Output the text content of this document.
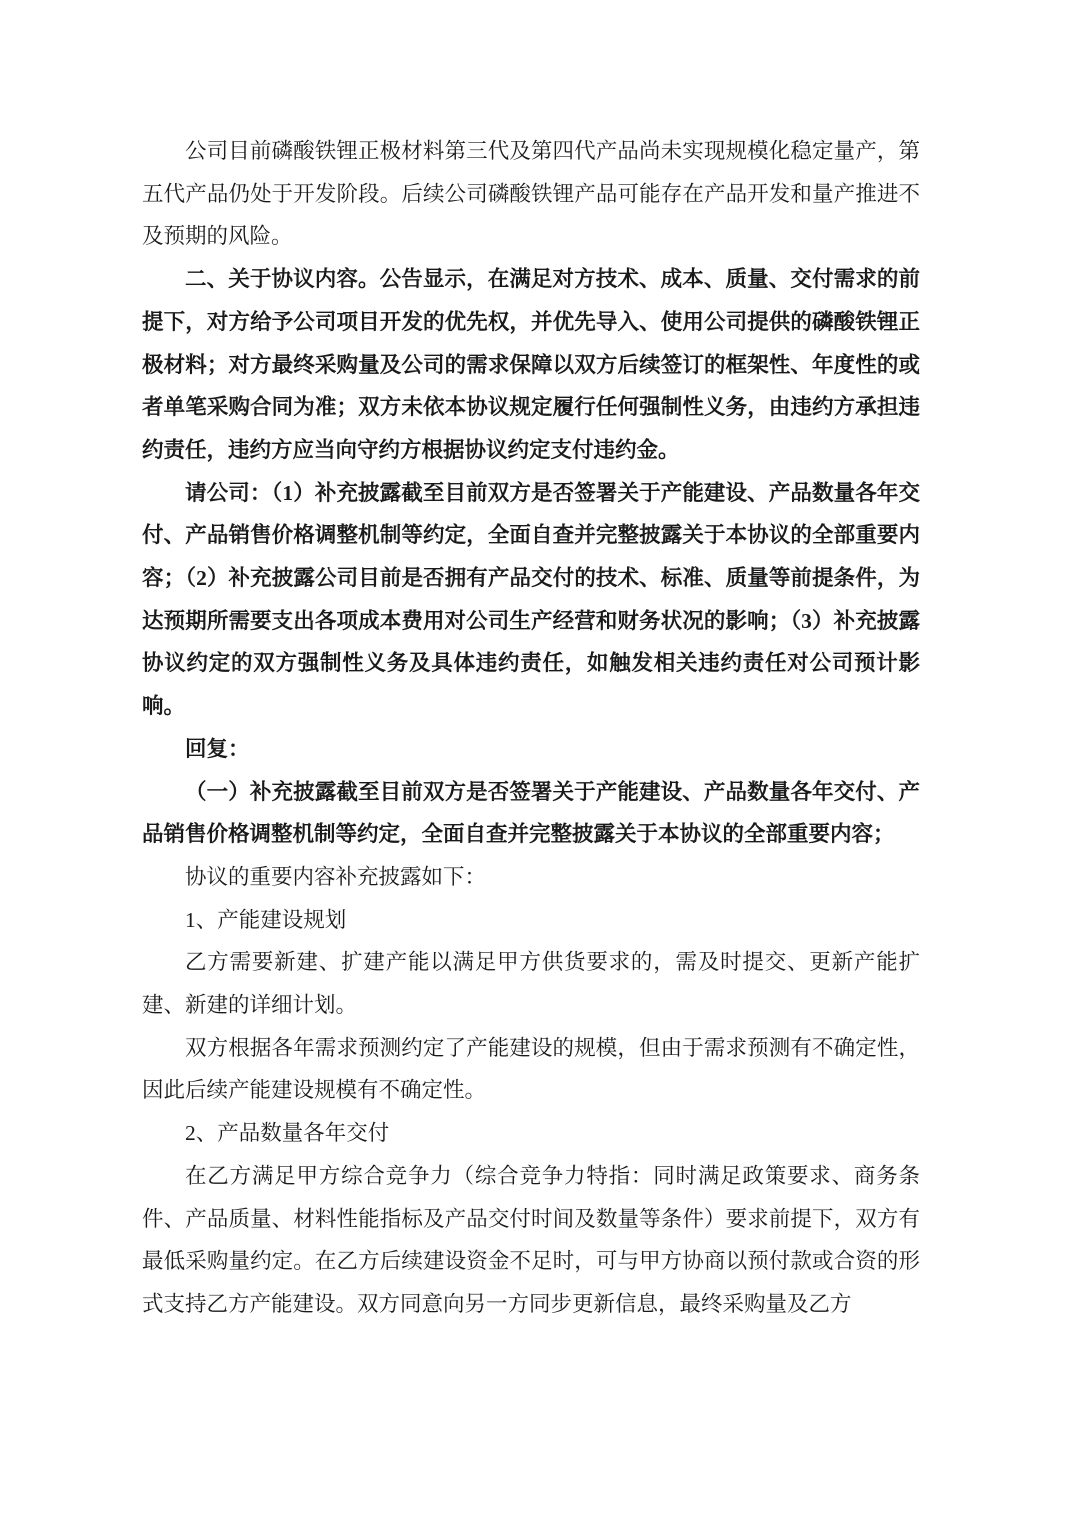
公司目前磷酸铁锂正极材料第三代及第四代产品尚未实现规模化稳定量产，第五代产品仍处于开发阶段。后续公司磷酸铁锂产品可能存在产品开发和量产推进不及预期的风险。

二、关于协议内容。公告显示，在满足对方技术、成本、质量、交付需求的前提下，对方给予公司项目开发的优先权，并优先导入、使用公司提供的磷酸铁锂正极材料；对方最终采购量及公司的需求保障以双方后续签订的框架性、年度性的或者单笔采购合同为准；双方未依本协议规定履行任何强制性义务，由违约方承担违约责任，违约方应当向守约方根据协议约定支付违约金。

请公司：（1）补充披露截至目前双方是否签署关于产能建设、产品数量各年交付、产品销售价格调整机制等约定，全面自查并完整披露关于本协议的全部重要内容；（2）补充披露公司目前是否拥有产品交付的技术、标准、质量等前提条件，为达预期所需要支出各项成本费用对公司生产经营和财务状况的影响；（3）补充披露协议约定的双方强制性义务及具体违约责任，如触发相关违约责任对公司预计影响。

回复：

（一）补充披露截至目前双方是否签署关于产能建设、产品数量各年交付、产品销售价格调整机制等约定，全面自查并完整披露关于本协议的全部重要内容；

协议的重要内容补充披露如下：

1、产能建设规划

乙方需要新建、扩建产能以满足甲方供货要求的，需及时提交、更新产能扩建、新建的详细计划。

双方根据各年需求预测约定了产能建设的规模，但由于需求预测有不确定性，因此后续产能建设规模有不确定性。

2、产品数量各年交付

在乙方满足甲方综合竞争力（综合竞争力特指：同时满足政策要求、商务条件、产品质量、材料性能指标及产品交付时间及数量等条件）要求前提下，双方有最低采购量约定。在乙方后续建设资金不足时，可与甲方协商以预付款或合资的形式支持乙方产能建设。双方同意向另一方同步更新信息，最终采购量及乙方
